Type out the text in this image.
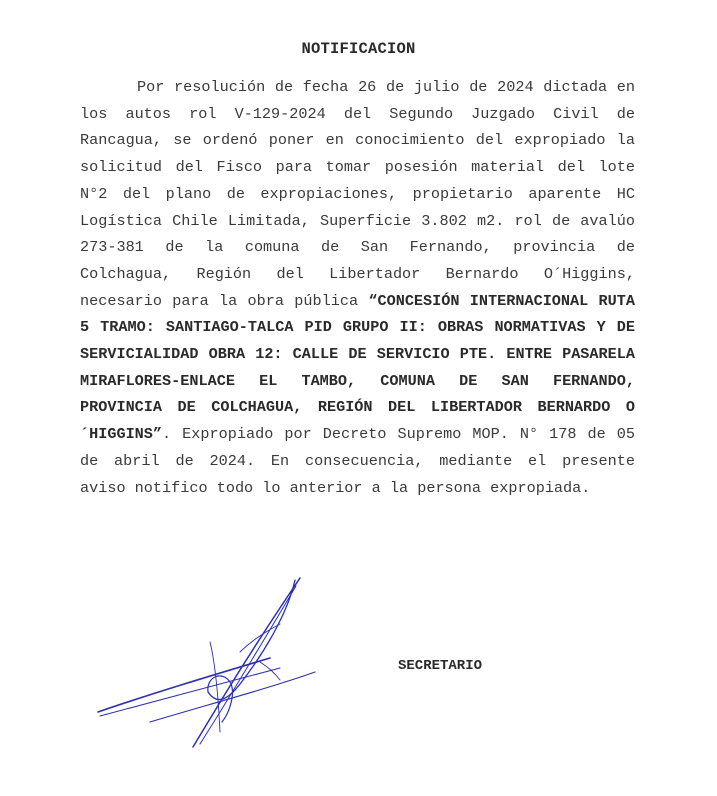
NOTIFICACION

Por resolución de fecha 26 de julio de 2024 dictada en los autos rol V-129-2024 del Segundo Juzgado Civil de Rancagua, se ordenó poner en conocimiento del expropiado la solicitud del Fisco para tomar posesión material del lote N°2 del plano de expropiaciones, propietario aparente HC Logística Chile Limitada, Superficie 3.802 m2. rol de avalúo 273-381 de la comuna de San Fernando, provincia de Colchagua, Región del Libertador Bernardo O´Higgins, necesario para la obra pública “CONCESIÓN INTERNACIONAL RUTA 5 TRAMO: SANTIAGO-TALCA PID GRUPO II: OBRAS NORMATIVAS Y DE SERVICIALIDAD OBRA 12: CALLE DE SERVICIO PTE. ENTRE PASARELA MIRAFLORES-ENLACE EL TAMBO, COMUNA DE SAN FERNANDO, PROVINCIA DE COLCHAGUA, REGIÓN DEL LIBERTADOR BERNARDO O´HIGGINS”. Expropiado por Decreto Supremo MOP. N° 178 de 05 de abril de 2024. En consecuencia, mediante el presente aviso notifico todo lo anterior a la persona expropiada.

SECRETARIO
